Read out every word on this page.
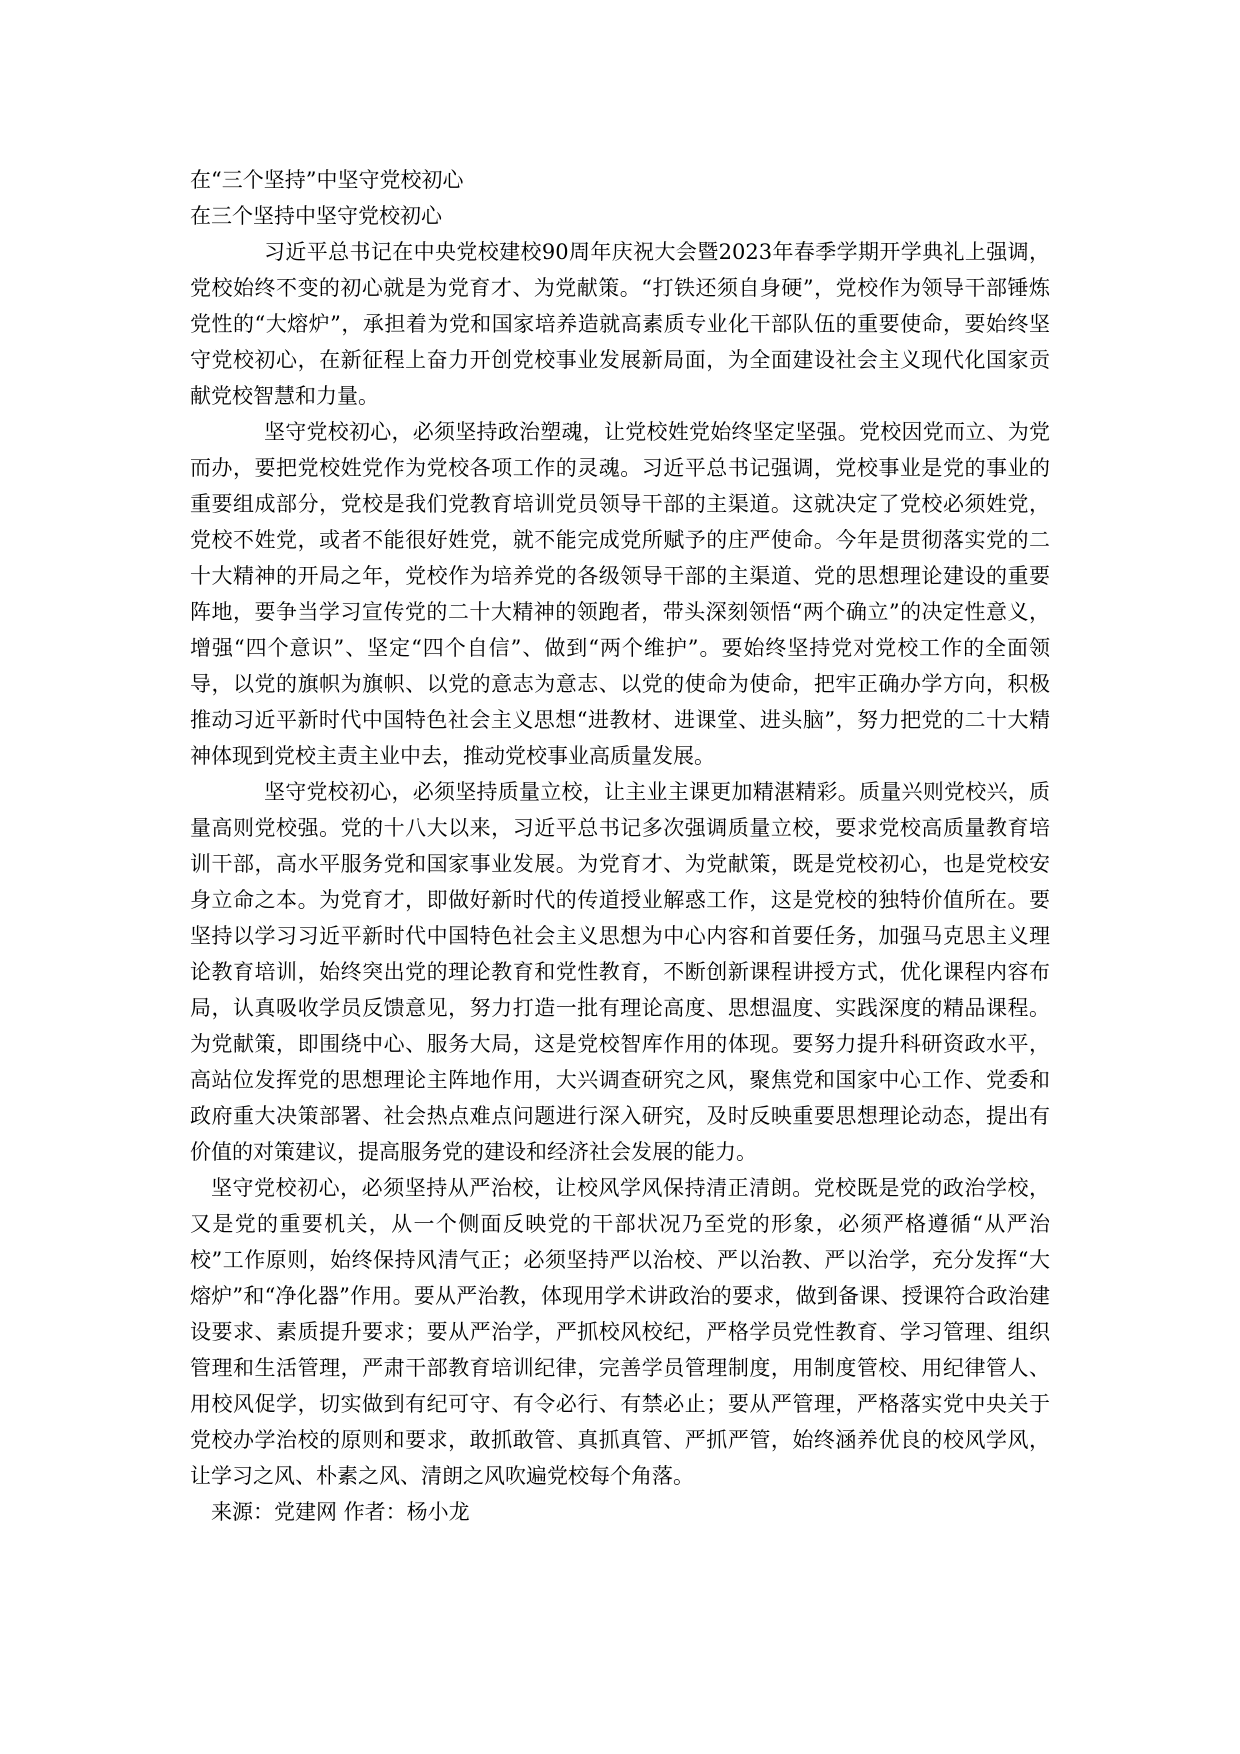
在“三个坚持”中坚守党校初心
在三个坚持中坚守党校初心

习近平总书记在中央党校建校90周年庆祝大会暨2023年春季学期开学典礼上强调，党校始终不变的初心就是为党育才、为党献策。“打铁还须自身硬”，党校作为领导干部锤炼党性的“大熔炉”，承担着为党和国家培养造就高素质专业化干部队伍的重要使命，要始终坚守党校初心，在新征程上奋力开创党校事业发展新局面，为全面建设社会主义现代化国家贡献党校智慧和力量。

坚守党校初心，必须坚持政治塑魂，让党校姓党始终坚定坚强。党校因党而立、为党而办，要把党校姓党作为党校各项工作的灵魂。习近平总书记强调，党校事业是党的事业的重要组成部分，党校是我们党教育培训党员领导干部的主渠道。这就决定了党校必须姓党，党校不姓党，或者不能很好姓党，就不能完成党所赋予的庄严使命。今年是贯彻落实党的二十大精神的开局之年，党校作为培养党的各级领导干部的主渠道、党的思想理论建设的重要阵地，要争当学习宣传党的二十大精神的领跑者，带头深刻领悟“两个确立”的决定性意义，增强“四个意识”、坚定“四个自信”、做到“两个维护”。要始终坚持党对党校工作的全面领导，以党的旗帜为旗帜、以党的意志为意志、以党的使命为使命，把牢正确办学方向，积极推动习近平新时代中国特色社会主义思想“进教材、进课堂、进头脑”，努力把党的二十大精神体现到党校主责主业中去，推动党校事业高质量发展。

坚守党校初心，必须坚持质量立校，让主业主课更加精湛精彩。质量兴则党校兴，质量高则党校强。党的十八大以来，习近平总书记多次强调质量立校，要求党校高质量教育培训干部，高水平服务党和国家事业发展。为党育才、为党献策，既是党校初心，也是党校安身立命之本。为党育才，即做好新时代的传道授业解惑工作，这是党校的独特价值所在。要坚持以学习习近平新时代中国特色社会主义思想为中心内容和首要任务，加强马克思主义理论教育培训，始终突出党的理论教育和党性教育，不断创新课程讲授方式，优化课程内容布局，认真吸收学员反馈意见，努力打造一批有理论高度、思想温度、实践深度的精品课程。为党献策，即围绕中心、服务大局，这是党校智库作用的体现。要努力提升科研资政水平，高站位发挥党的思想理论主阵地作用，大兴调查研究之风，聚焦党和国家中心工作、党委和政府重大决策部署、社会热点难点问题进行深入研究，及时反映重要思想理论动态，提出有价值的对策建议，提高服务党的建设和经济社会发展的能力。

坚守党校初心，必须坚持从严治校，让校风学风保持清正清朗。党校既是党的政治学校，又是党的重要机关，从一个侧面反映党的干部状况乃至党的形象，必须严格遵循“从严治校”工作原则，始终保持风清气正；必须坚持严以治校、严以治教、严以治学，充分发挥“大熔炉”和“净化器”作用。要从严治教，体现用学术讲政治的要求，做到备课、授课符合政治建设要求、素质提升要求；要从严治学，严抓校风校纪，严格学员党性教育、学习管理、组织管理和生活管理，严肃干部教育培训纪律，完善学员管理制度，用制度管校、用纪律管人、用校风促学，切实做到有纪可守、有令必行、有禁必止；要从严管理，严格落实党中央关于党校办学治校的原则和要求，敢抓敢管、真抓真管、严抓严管，始终涵养优良的校风学风，让学习之风、朴素之风、清朗之风吹遍党校每个角落。

来源：党建网 作者：杨小龙
